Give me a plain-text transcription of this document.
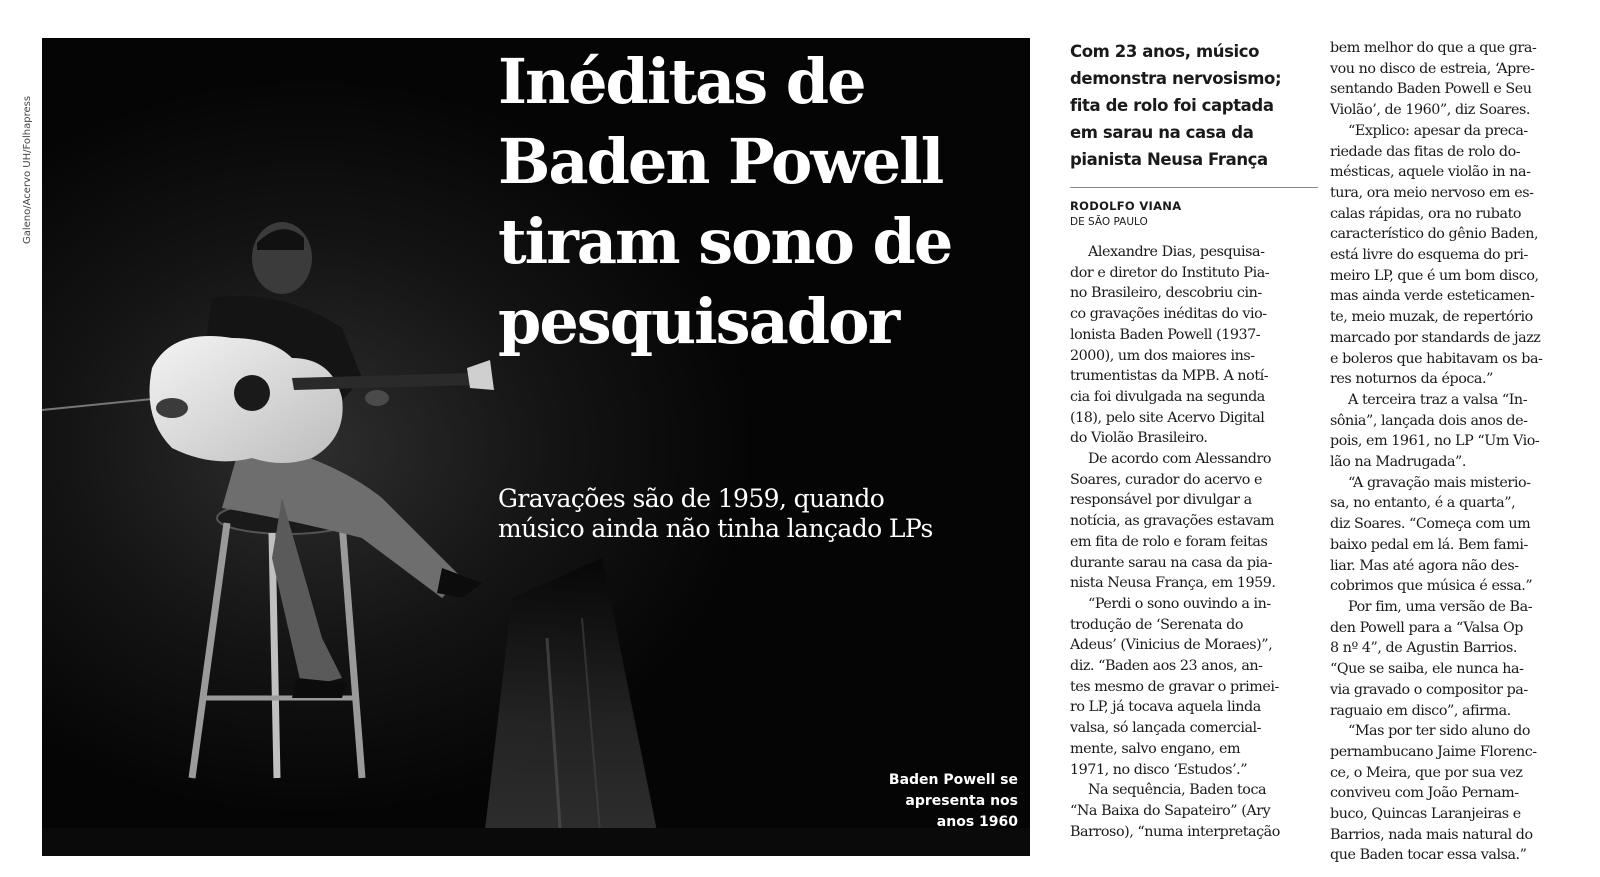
Galeno/Acervo UH/Folhapress
Inéditas de
Baden Powell
tiram sono de
pesquisador
Gravações são de 1959, quando
músico ainda não tinha lançado LPs
Baden Powell se
apresenta nos
anos 1960
Com 23 anos, músico
demonstra nervosismo;
fita de rolo foi captada
em sarau na casa da
pianista Neusa França
RODOLFO VIANA
DE SÃO PAULO
Alexandre Dias, pesquisa-
dor e diretor do Instituto Pia-
no Brasileiro, descobriu cin-
co gravações inéditas do vio-
lonista Baden Powell (1937-
2000), um dos maiores ins-
trumentistas da MPB. A notí-
cia foi divulgada na segunda
(18), pelo site Acervo Digital
do Violão Brasileiro.
De acordo com Alessandro
Soares, curador do acervo e
responsável por divulgar a
notícia, as gravações estavam
em fita de rolo e foram feitas
durante sarau na casa da pia-
nista Neusa França, em 1959.
“Perdi o sono ouvindo a in-
trodução de ‘Serenata do
Adeus’ (Vinicius de Moraes)”,
diz. “Baden aos 23 anos, an-
tes mesmo de gravar o primei-
ro LP, já tocava aquela linda
valsa, só lançada comercial-
mente, salvo engano, em
1971, no disco ‘Estudos’.”
Na sequência, Baden toca
“Na Baixa do Sapateiro” (Ary
Barroso), “numa interpretação
bem melhor do que a que gra-
vou no disco de estreia, ‘Apre-
sentando Baden Powell e Seu
Violão’, de 1960”, diz Soares.
“Explico: apesar da preca-
riedade das fitas de rolo do-
mésticas, aquele violão in na-
tura, ora meio nervoso em es-
calas rápidas, ora no rubato
característico do gênio Baden,
está livre do esquema do pri-
meiro LP, que é um bom disco,
mas ainda verde esteticamen-
te, meio muzak, de repertório
marcado por standards de jazz
e boleros que habitavam os ba-
res noturnos da época.”
A terceira traz a valsa “In-
sônia”, lançada dois anos de-
pois, em 1961, no LP “Um Vio-
lão na Madrugada”.
“A gravação mais misterio-
sa, no entanto, é a quarta”,
diz Soares. “Começa com um
baixo pedal em lá. Bem fami-
liar. Mas até agora não des-
cobrimos que música é essa.”
Por fim, uma versão de Ba-
den Powell para a “Valsa Op
8 nº 4”, de Agustin Barrios.
“Que se saiba, ele nunca ha-
via gravado o compositor pa-
raguaio em disco”, afirma.
“Mas por ter sido aluno do
pernambucano Jaime Florenc-
ce, o Meira, que por sua vez
conviveu com João Pernam-
buco, Quincas Laranjeiras e
Barrios, nada mais natural do
que Baden tocar essa valsa.”
